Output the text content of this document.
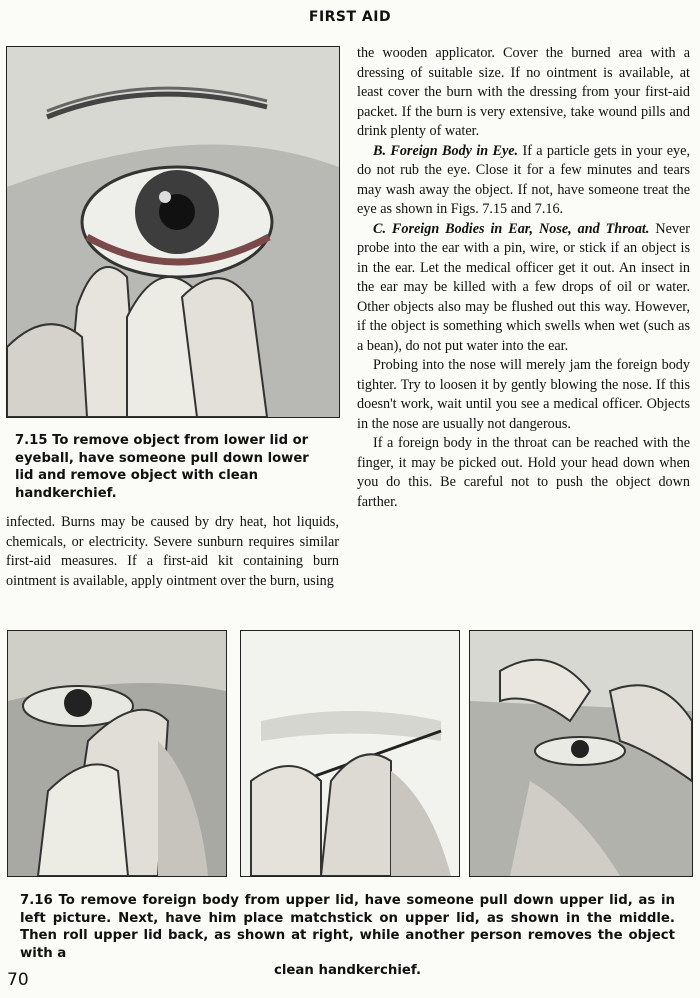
FIRST AID
7.15 To remove object from lower lid or eyeball, have someone pull down lower lid and remove object with clean handkerchief.

infected. Burns may be caused by dry heat, hot liquids, chemicals, or electricity. Severe sunburn requires similar first-aid measures. If a first-aid kit containing burn ointment is available, apply ointment over the burn, using

the wooden applicator. Cover the burned area with a dressing of suitable size. If no ointment is available, at least cover the burn with the dressing from your first-aid packet. If the burn is very extensive, take wound pills and drink plenty of water.

B. Foreign Body in Eye. If a particle gets in your eye, do not rub the eye. Close it for a few minutes and tears may wash away the object. If not, have someone treat the eye as shown in Figs. 7.15 and 7.16.

C. Foreign Bodies in Ear, Nose, and Throat. Never probe into the ear with a pin, wire, or stick if an object is in the ear. Let the medical officer get it out. An insect in the ear may be killed with a few drops of oil or water. Other objects also may be flushed out this way. However, if the object is something which swells when wet (such as a bean), do not put water into the ear.

Probing into the nose will merely jam the foreign body tighter. Try to loosen it by gently blowing the nose. If this doesn't work, wait until you see a medical officer. Objects in the nose are usually not dangerous.

If a foreign body in the throat can be reached with the finger, it may be picked out. Hold your head down when you do this. Be careful not to push the object down farther.

7.16 To remove foreign body from upper lid, have someone pull down upper lid, as in left picture. Next, have him place matchstick on upper lid, as shown in the middle. Then roll upper lid back, as shown at right, while another person removes the object with a
clean handkerchief.
70
